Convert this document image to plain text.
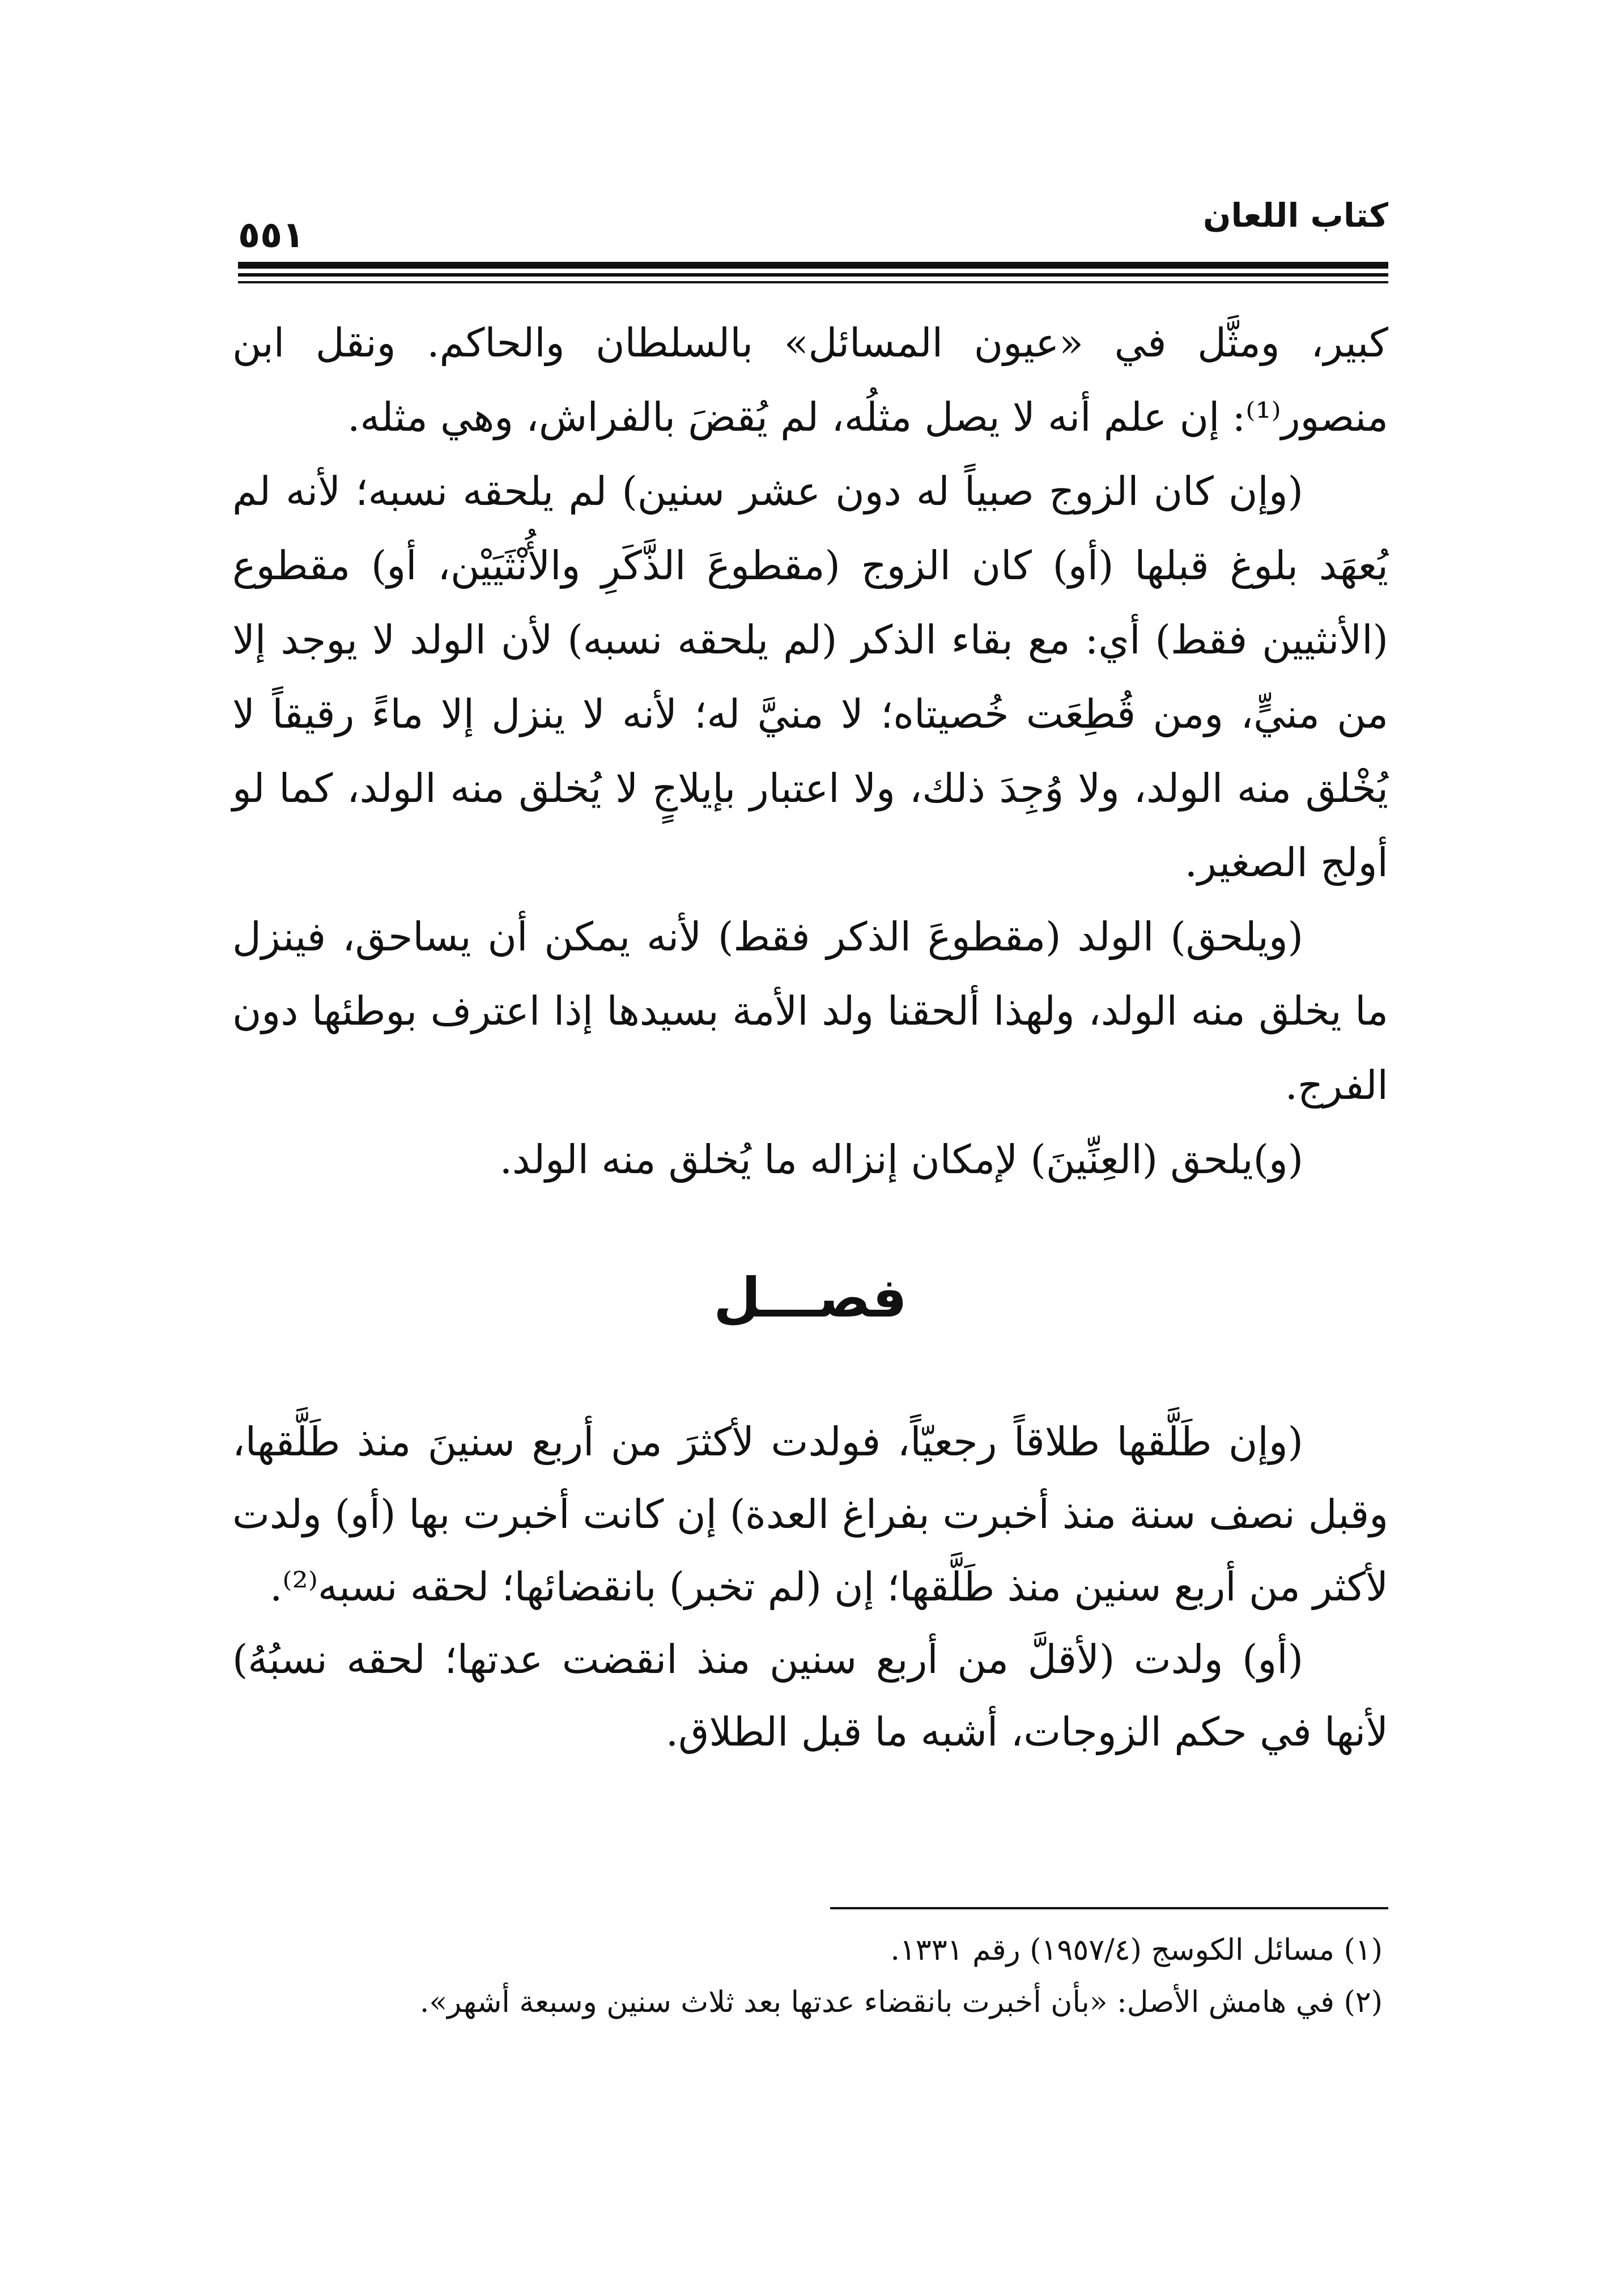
كتاب اللعان
٥٥١

كبير، ومثَّل في «عيون المسائل» بالسلطان والحاكم. ونقل ابن منصور⁽¹⁾: إن علم أنه لا يصل مثلُه، لم يُقضَ بالفراش، وهي مثله.

(وإن كان الزوج صبياً له دون عشر سنين) لم يلحقه نسبه؛ لأنه لم يُعهَد بلوغ قبلها (أو) كان الزوج (مقطوعَ الذَّكَرِ والأُنْثَيَيْن، أو) مقطوع (الأنثيين فقط) أي: مع بقاء الذكر (لم يلحقه نسبه) لأن الولد لا يوجد إلا من منيٍّ، ومن قُطِعَت خُصيتاه؛ لا منيَّ له؛ لأنه لا ينزل إلا ماءً رقيقاً لا يُخْلق منه الولد، ولا وُجِدَ ذلك، ولا اعتبار بإيلاجٍ لا يُخلق منه الولد، كما لو أولج الصغير.

(ويلحق) الولد (مقطوعَ الذكر فقط) لأنه يمكن أن يساحق، فينزل ما يخلق منه الولد، ولهذا ألحقنا ولد الأمة بسيدها إذا اعترف بوطئها دون الفرج.

(و)يلحق (العِنِّينَ) لإمكان إنزاله ما يُخلق منه الولد.

فصـــل

(وإن طَلَّقها طلاقاً رجعيّاً، فولدت لأكثرَ من أربع سنينَ منذ طَلَّقها، وقبل نصف سنة منذ أخبرت بفراغ العدة) إن كانت أخبرت بها (أو) ولدت لأكثر من أربع سنين منذ طَلَّقها؛ إن (لم تخبر) بانقضائها؛ لحقه نسبه⁽²⁾.

(أو) ولدت (لأقلَّ من أربع سنين منذ انقضت عدتها؛ لحقه نسبُهُ) لأنها في حكم الزوجات، أشبه ما قبل الطلاق.

(١) مسائل الكوسج (١٩٥٧/٤) رقم ١٣٣١.

(٢) في هامش الأصل: «بأن أخبرت بانقضاء عدتها بعد ثلاث سنين وسبعة أشهر».
